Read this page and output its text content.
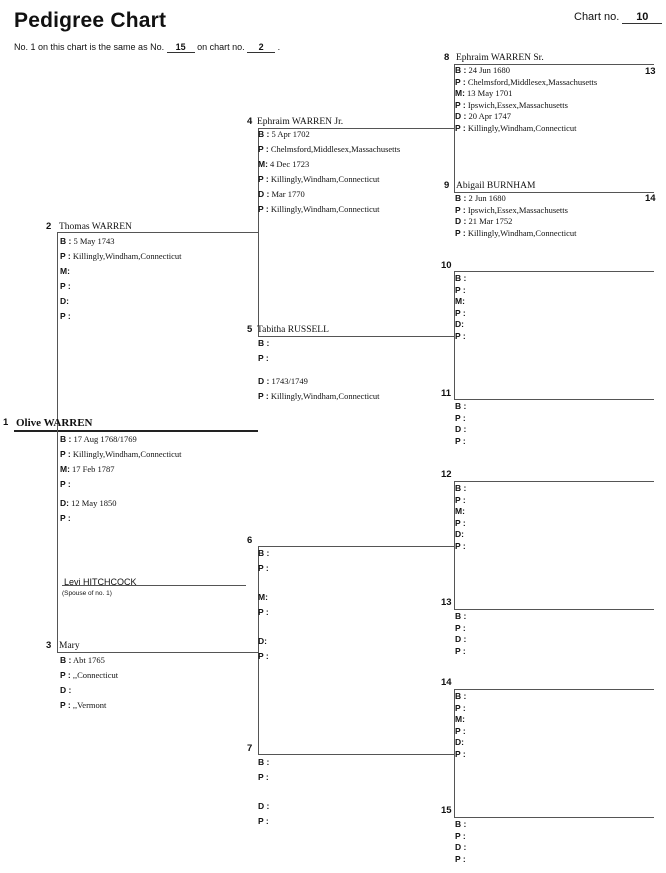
Pedigree Chart	Chart no. 10
No. 1 on this chart is the same as No. 15 on chart no. 2 .
Levi HITCHCOCK
(Spouse of no. 1)
1 Olive WARREN
B : 17 Aug 1768/1769
P : Killingly,Windham,Connecticut
M: 17 Feb 1787
P :
D: 12 May 1850
P :
2 Thomas WARREN
B : 5 May 1743
P : Killingly,Windham,Connecticut
M:
P :
D:
P :
3 Mary
B : Abt 1765
P : ,,Connecticut
D :
P : ,,Vermont
4 Ephraim WARREN Jr.
B : 5 Apr 1702
P : Chelmsford,Middlesex,Massachusetts
M: 4 Dec 1723
P : Killingly,Windham,Connecticut
D : Mar 1770
P : Killingly,Windham,Connecticut
5 Tabitha RUSSELL
B :
P :
D : 1743/1749
P : Killingly,Windham,Connecticut
6
B :
P :
M:
P :
D:
P :
7
B :
P :
D :
P :
8 Ephraim WARREN Sr.
13
B : 24 Jun 1680
P : Chelmsford,Middlesex,Massachusetts
M: 13 May 1701
P : Ipswich,Essex,Massachusetts
D : 20 Apr 1747
P : Killingly,Windham,Connecticut
9 Abigail BURNHAM
14
B : 2 Jun 1680
P : Ipswich,Essex,Massachusetts
D : 21 Mar 1752
P : Killingly,Windham,Connecticut
10
B :
P :
M:
P :
D:
P :
11
B :
P :
D :
P :
12
B :
P :
M:
P :
D:
P :
13
B :
P :
D :
P :
14
B :
P :
M:
P :
D:
P :
15
B :
P :
D :
P :
